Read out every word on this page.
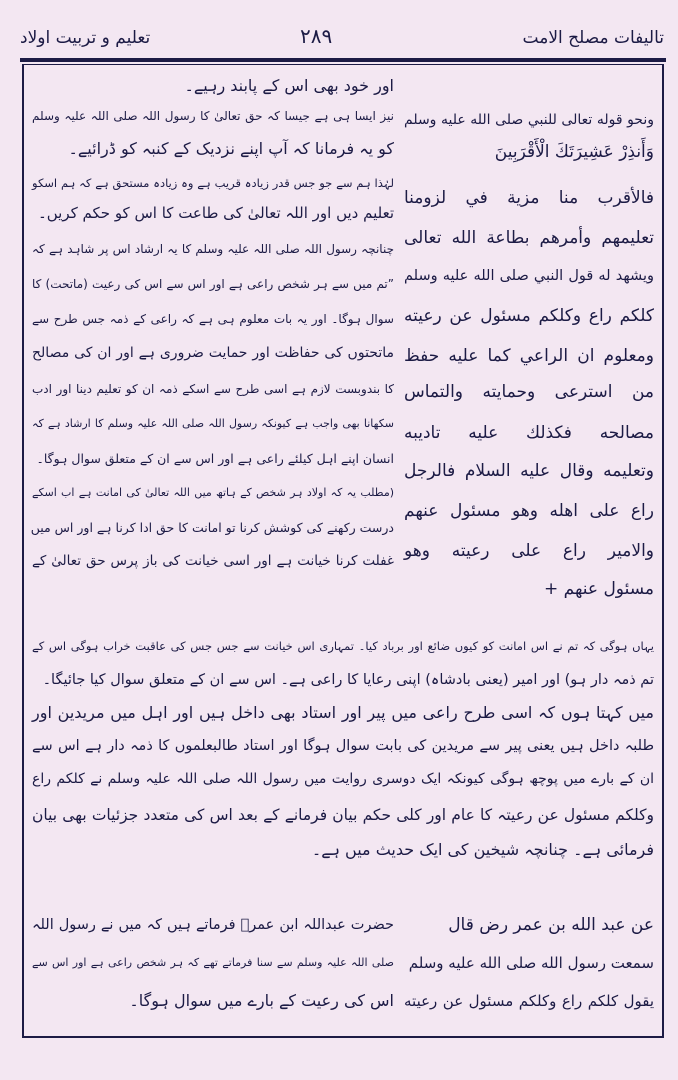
تالیفات مصلح الامت
۲۸۹
تعلیم و تربیت اولاد
اور خود بھی اس کے پابند رہیے۔
نیز ایسا ہی ہے جیسا کہ حق تعالیٰ کا رسول اللہ صلی اللہ علیہ وسلم
کو یہ فرمانا کہ آپ اپنے نزدیک کے کنبہ کو ڈرائیے۔
لہٰذا ہم سے جو جس قدر زیادہ قریب ہے وہ زیادہ مستحق ہے کہ ہم اسکو
تعلیم دیں اور اللہ تعالیٰ کی طاعت کا اس کو حکم کریں۔
چنانچہ رسول اللہ صلی اللہ علیہ وسلم کا یہ ارشاد اس پر شاہد ہے کہ
”تم میں سے ہر شخص راعی ہے اور اس سے اس کی رعیت (ماتحت) کا
سوال ہوگا۔ اور یہ بات معلوم ہی ہے کہ راعی کے ذمہ جس طرح سے
ماتحتوں کی حفاظت اور حمایت ضروری ہے اور ان کی مصالح
کا بندوبست لازم ہے اسی طرح سے اسکے ذمہ ان کو تعلیم دینا اور ادب
سکھانا بھی واجب ہے کیونکہ رسول اللہ صلی اللہ علیہ وسلم کا ارشاد ہے کہ
انسان اپنے اہل کیلئے راعی ہے اور اس سے ان کے متعلق سوال ہوگا۔
(مطلب یہ کہ اولاد ہر شخص کے ہاتھ میں اللہ تعالیٰ کی امانت ہے اب اسکے
درست رکھنے کی کوشش کرنا تو امانت کا حق ادا کرنا ہے اور اس میں
غفلت کرنا خیانت ہے اور اسی خیانت کی باز پرس حق تعالیٰ کے
ونحو قوله تعالى للنبي صلى الله عليه وسلم
وَأَنذِرْ عَشِيرَتَكَ الْأَقْرَبِينَ
فالأقرب منا مزية في لزومنا
تعليمهم وأمرهم بطاعة الله تعالى
ويشهد له قول النبي صلى الله عليه وسلم
كلكم راع وكلكم مسئول عن رعيته
ومعلوم ان الراعي كما عليه حفظ
من استرعى وحمايته والتماس
مصالحه فكذلك عليه تاديبه
وتعليمه وقال عليه السلام فالرجل
راع على اهله وهو مسئول عنهم
والامير راع على رعيته وهو
مسئول عنهم +
یہاں ہوگی کہ تم نے اس امانت کو کیوں ضائع اور برباد کیا۔ تمہاری اس خیانت سے جس جس کی عاقبت خراب ہوگی اس کے
تم ذمہ دار ہو) اور امیر (یعنی بادشاہ) اپنی رعایا کا راعی ہے۔ اس سے ان کے متعلق سوال کیا جائیگا۔
میں کہتا ہوں کہ اسی طرح راعی میں پیر اور استاد بھی داخل ہیں اور اہل میں مریدین اور
طلبہ داخل ہیں یعنی پیر سے مریدین کی بابت سوال ہوگا اور استاد طالبعلموں کا ذمہ دار ہے اس سے
ان کے بارے میں پوچھ ہوگی کیونکہ ایک دوسری روایت میں رسول اللہ صلی اللہ علیہ وسلم نے کلکم راع
وکلکم مسئول عن رعیتہ کا عام اور کلی حکم بیان فرمانے کے بعد اس کی متعدد جزئیات بھی بیان
فرمائی ہے۔ چنانچہ شیخین کی ایک حدیث میں ہے۔
عن عبد الله بن عمر رض قال
سمعت رسول الله صلى الله عليه وسلم
يقول كلكم راع وكلكم مسئول عن رعيته
حضرت عبداللہ ابن عمرؓ فرماتے ہیں کہ میں نے رسول اللہ
صلی اللہ علیہ وسلم سے سنا فرماتے تھے کہ ہر شخص راعی ہے اور اس سے
اس کی رعیت کے بارے میں سوال ہوگا۔
